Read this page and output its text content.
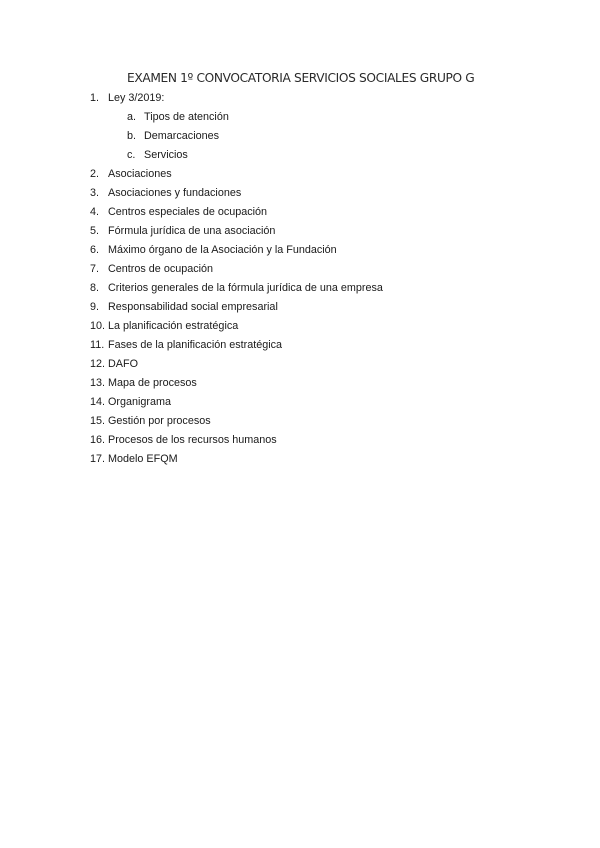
EXAMEN 1º CONVOCATORIA SERVICIOS SOCIALES GRUPO G
1. Ley 3/2019:
a. Tipos de atención
b. Demarcaciones
c. Servicios
2. Asociaciones
3. Asociaciones y fundaciones
4. Centros especiales de ocupación
5. Fórmula jurídica de una asociación
6. Máximo órgano de la Asociación y la Fundación
7. Centros de ocupación
8. Criterios generales de la fórmula jurídica de una empresa
9. Responsabilidad social empresarial
10. La planificación estratégica
11. Fases de la planificación estratégica
12. DAFO
13. Mapa de procesos
14. Organigrama
15. Gestión por procesos
16. Procesos de los recursos humanos
17. Modelo EFQM
